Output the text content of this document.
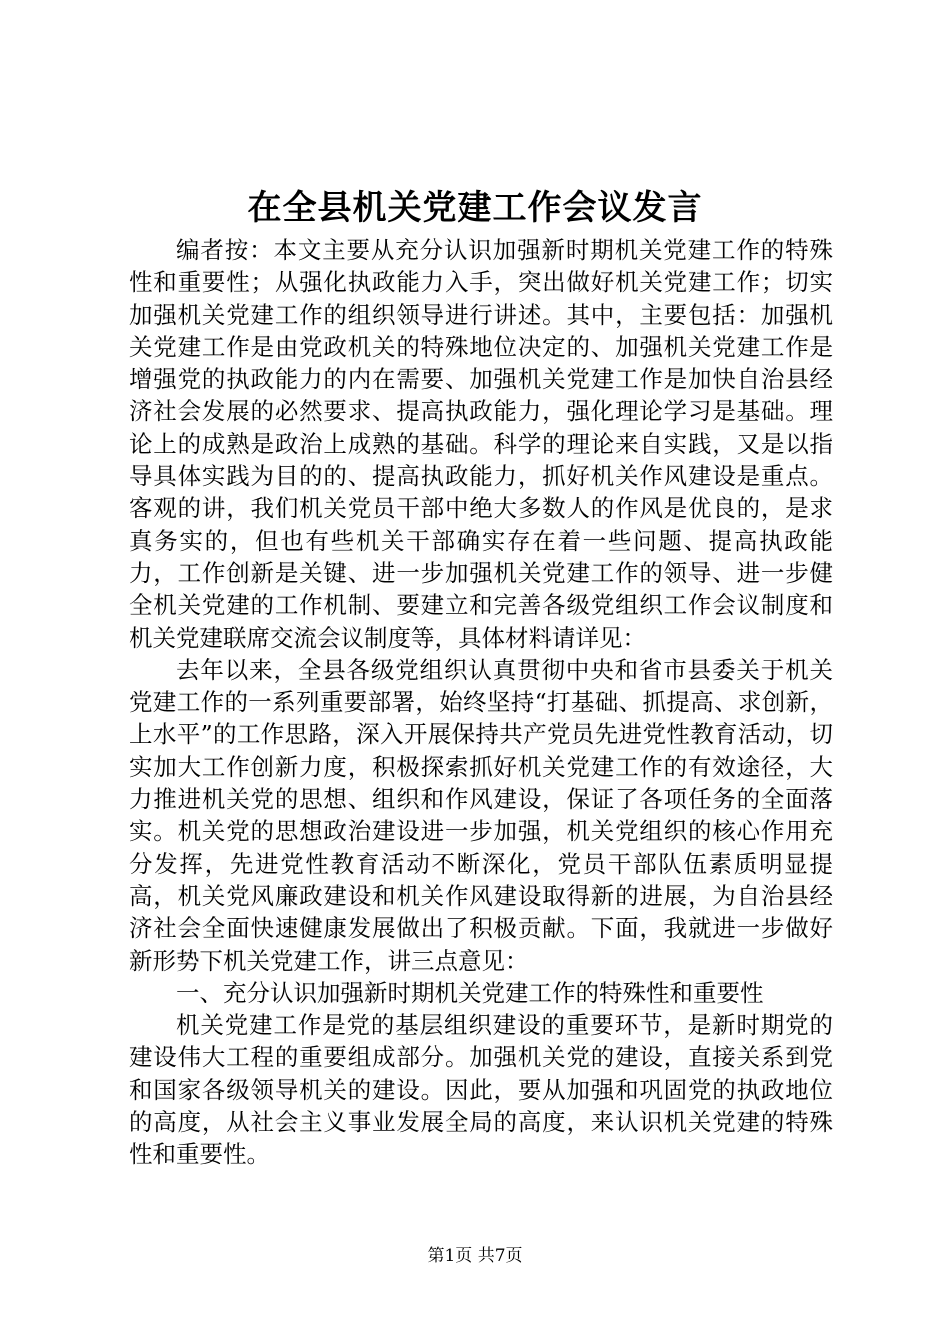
在全县机关党建工作会议发言

编者按：本文主要从充分认识加强新时期机关党建工作的特殊性和重要性；从强化执政能力入手，突出做好机关党建工作；切实加强机关党建工作的组织领导进行讲述。其中，主要包括：加强机关党建工作是由党政机关的特殊地位决定的、加强机关党建工作是增强党的执政能力的内在需要、加强机关党建工作是加快自治县经济社会发展的必然要求、提高执政能力，强化理论学习是基础。理论上的成熟是政治上成熟的基础。科学的理论来自实践，又是以指导具体实践为目的的、提高执政能力，抓好机关作风建设是重点。客观的讲，我们机关党员干部中绝大多数人的作风是优良的，是求真务实的，但也有些机关干部确实存在着一些问题、提高执政能力，工作创新是关键、进一步加强机关党建工作的领导、进一步健全机关党建的工作机制、要建立和完善各级党组织工作会议制度和机关党建联席交流会议制度等，具体材料请详见：

去年以来，全县各级党组织认真贯彻中央和省市县委关于机关党建工作的一系列重要部署，始终坚持“打基础、抓提高、求创新，上水平”的工作思路，深入开展保持共产党员先进党性教育活动，切实加大工作创新力度，积极探索抓好机关党建工作的有效途径，大力推进机关党的思想、组织和作风建设，保证了各项任务的全面落实。机关党的思想政治建设进一步加强，机关党组织的核心作用充分发挥，先进党性教育活动不断深化，党员干部队伍素质明显提高，机关党风廉政建设和机关作风建设取得新的进展，为自治县经济社会全面快速健康发展做出了积极贡献。下面，我就进一步做好新形势下机关党建工作，讲三点意见：

一、充分认识加强新时期机关党建工作的特殊性和重要性

机关党建工作是党的基层组织建设的重要环节，是新时期党的建设伟大工程的重要组成部分。加强机关党的建设，直接关系到党和国家各级领导机关的建设。因此，要从加强和巩固党的执政地位的高度，从社会主义事业发展全局的高度，来认识机关党建的特殊性和重要性。

第1页 共7页
